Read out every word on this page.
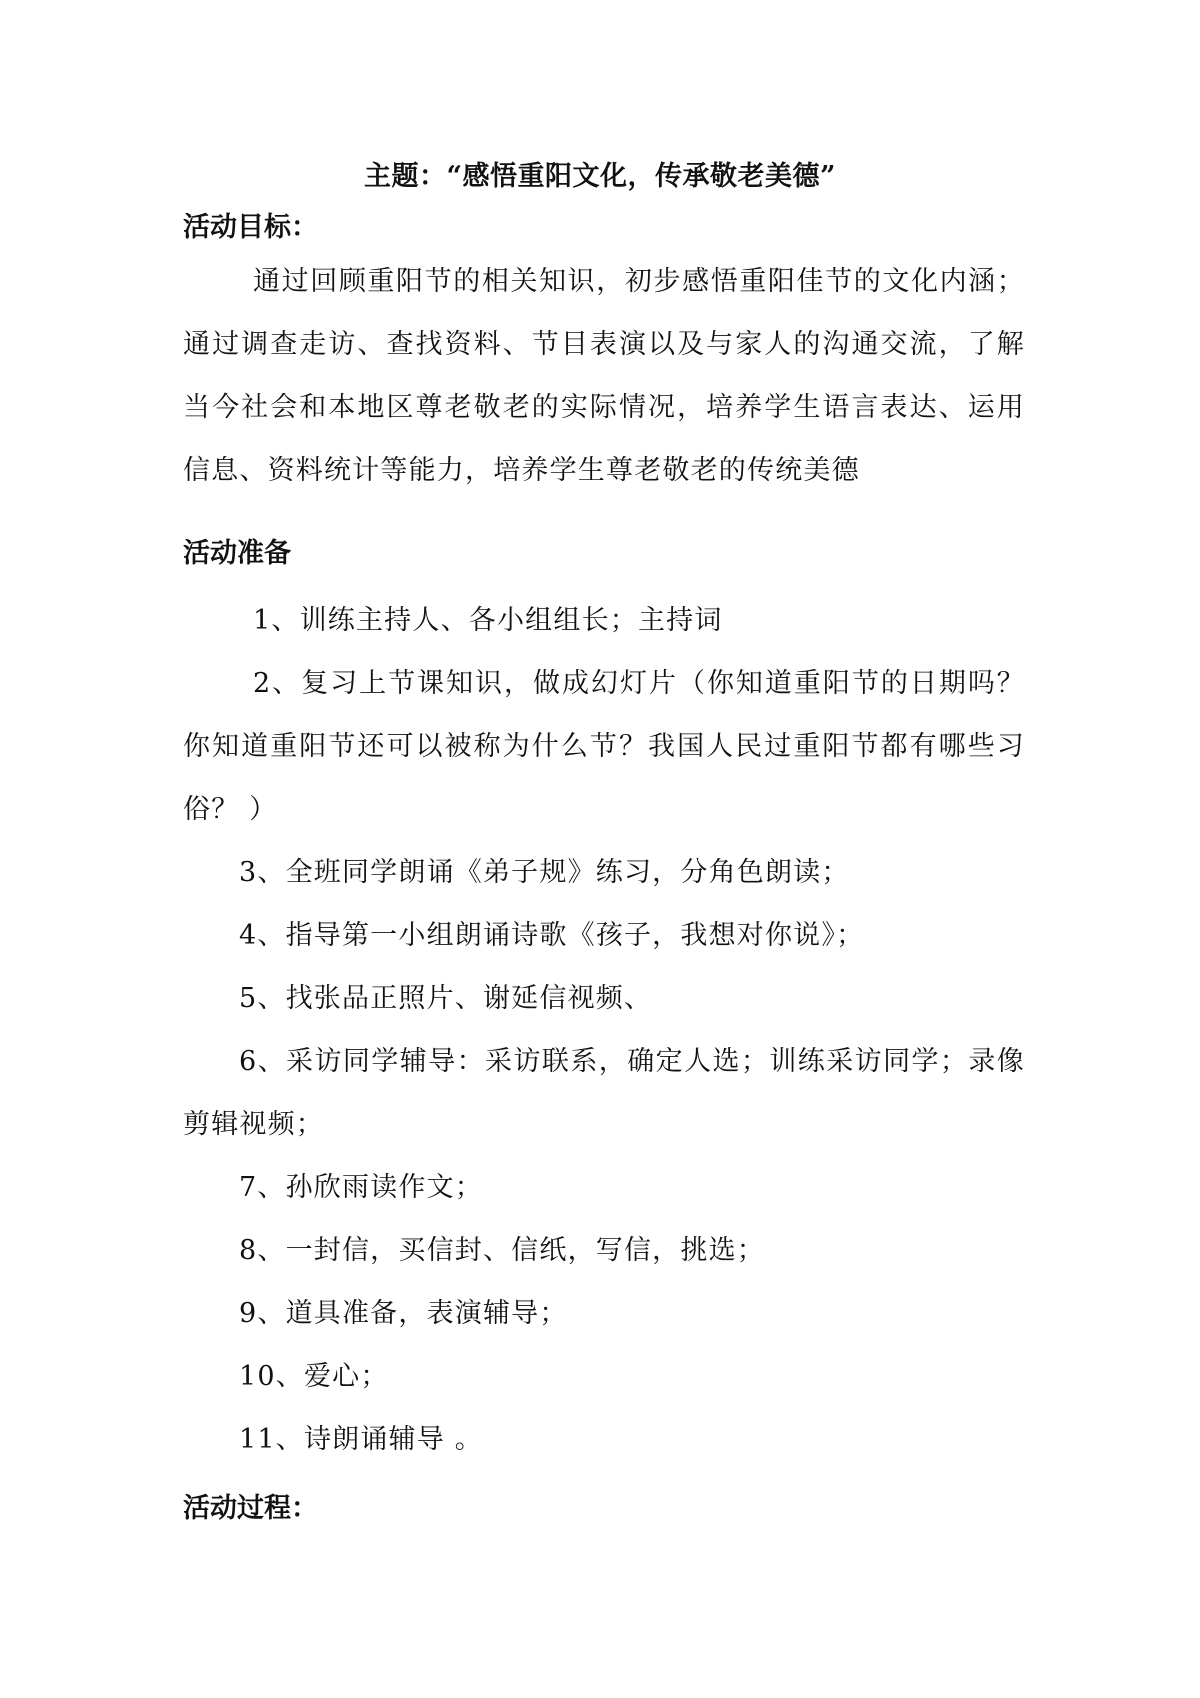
主题：“感悟重阳文化，传承敬老美德”
活动目标：
通过回顾重阳节的相关知识，初步感悟重阳佳节的文化内涵；通过调查走访、查找资料、节目表演以及与家人的沟通交流，了解当今社会和本地区尊老敬老的实际情况，培养学生语言表达、运用信息、资料统计等能力，培养学生尊老敬老的传统美德
活动准备
1、训练主持人、各小组组长；主持词
2、复习上节课知识，做成幻灯片（你知道重阳节的日期吗？你知道重阳节还可以被称为什么节？我国人民过重阳节都有哪些习俗？ ）
3、全班同学朗诵《弟子规》练习，分角色朗读；
4、指导第一小组朗诵诗歌《孩子，我想对你说》；
5、找张品正照片、谢延信视频、
6、采访同学辅导：采访联系，确定人选；训练采访同学；录像剪辑视频；
7、孙欣雨读作文；
8、一封信，买信封、信纸，写信，挑选；
9、道具准备，表演辅导；
10、爱心；
11、诗朗诵辅导 。
活动过程：
